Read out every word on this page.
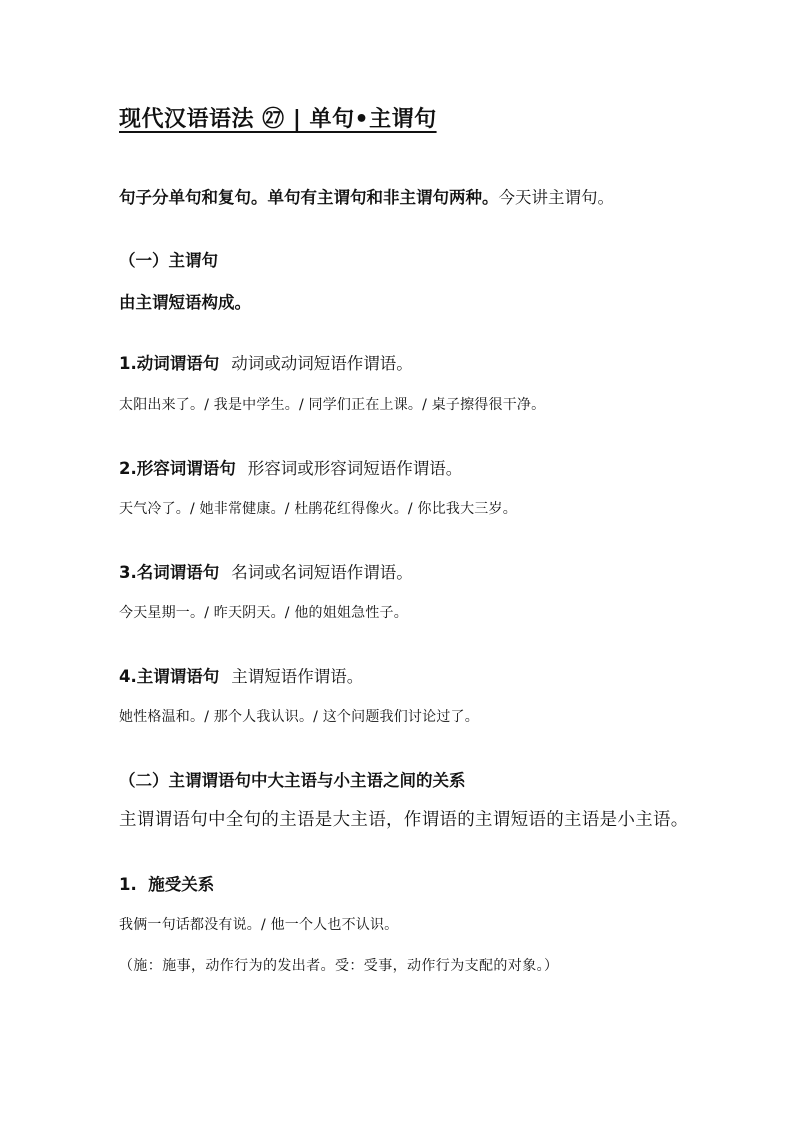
现代汉语语法 ㉗ | 单句•主谓句
句子分单句和复句。单句有主谓句和非主谓句两种。今天讲主谓句。
（一）主谓句
由主谓短语构成。
1.动词谓语句 动词或动词短语作谓语。
太阳出来了。/ 我是中学生。/ 同学们正在上课。/ 桌子擦得很干净。
2.形容词谓语句 形容词或形容词短语作谓语。
天气冷了。/ 她非常健康。/ 杜鹃花红得像火。/ 你比我大三岁。
3.名词谓语句 名词或名词短语作谓语。
今天星期一。/ 昨天阴天。/ 他的姐姐急性子。
4.主谓谓语句 主谓短语作谓语。
她性格温和。/ 那个人我认识。/ 这个问题我们讨论过了。
（二）主谓谓语句中大主语与小主语之间的关系
主谓谓语句中全句的主语是大主语，作谓语的主谓短语的主语是小主语。
1.  施受关系
我俩一句话都没有说。/ 他一个人也不认识。
（施：施事，动作行为的发出者。受：受事，动作行为支配的对象。）
